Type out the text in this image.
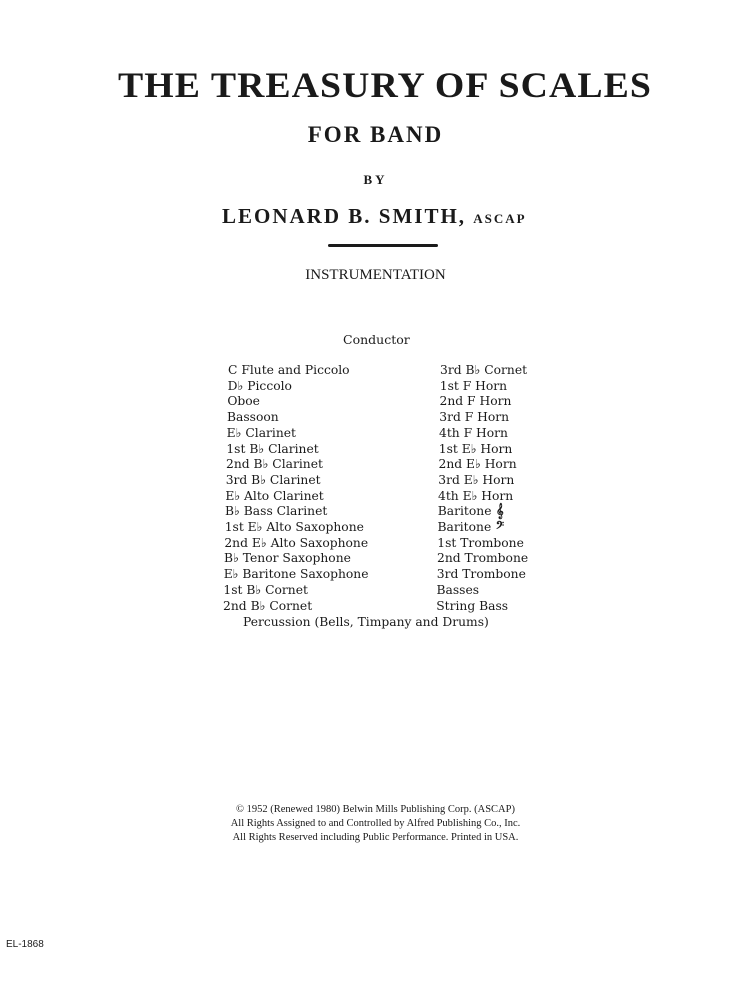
THE TREASURY OF SCALES
FOR BAND
BY
LEONARD B. SMITH, ASCAP
INSTRUMENTATION
Conductor
C Flute and Piccolo
D♭ Piccolo
Oboe
Bassoon
E♭ Clarinet
1st B♭ Clarinet
2nd B♭ Clarinet
3rd B♭ Clarinet
E♭ Alto Clarinet
B♭ Bass Clarinet
1st E♭ Alto Saxophone
2nd E♭ Alto Saxophone
B♭ Tenor Saxophone
E♭ Baritone Saxophone
1st B♭ Cornet
2nd B♭ Cornet
3rd B♭ Cornet
1st F Horn
2nd F Horn
3rd F Horn
4th F Horn
1st E♭ Horn
2nd E♭ Horn
3rd E♭ Horn
4th E♭ Horn
Baritone 𝄞
Baritone 𝄢
1st Trombone
2nd Trombone
3rd Trombone
Basses
String Bass
Percussion (Bells, Timpany and Drums)
© 1952 (Renewed 1980) Belwin Mills Publishing Corp. (ASCAP)
All Rights Assigned to and Controlled by Alfred Publishing Co., Inc.
All Rights Reserved including Public Performance. Printed in USA.
EL-1868
